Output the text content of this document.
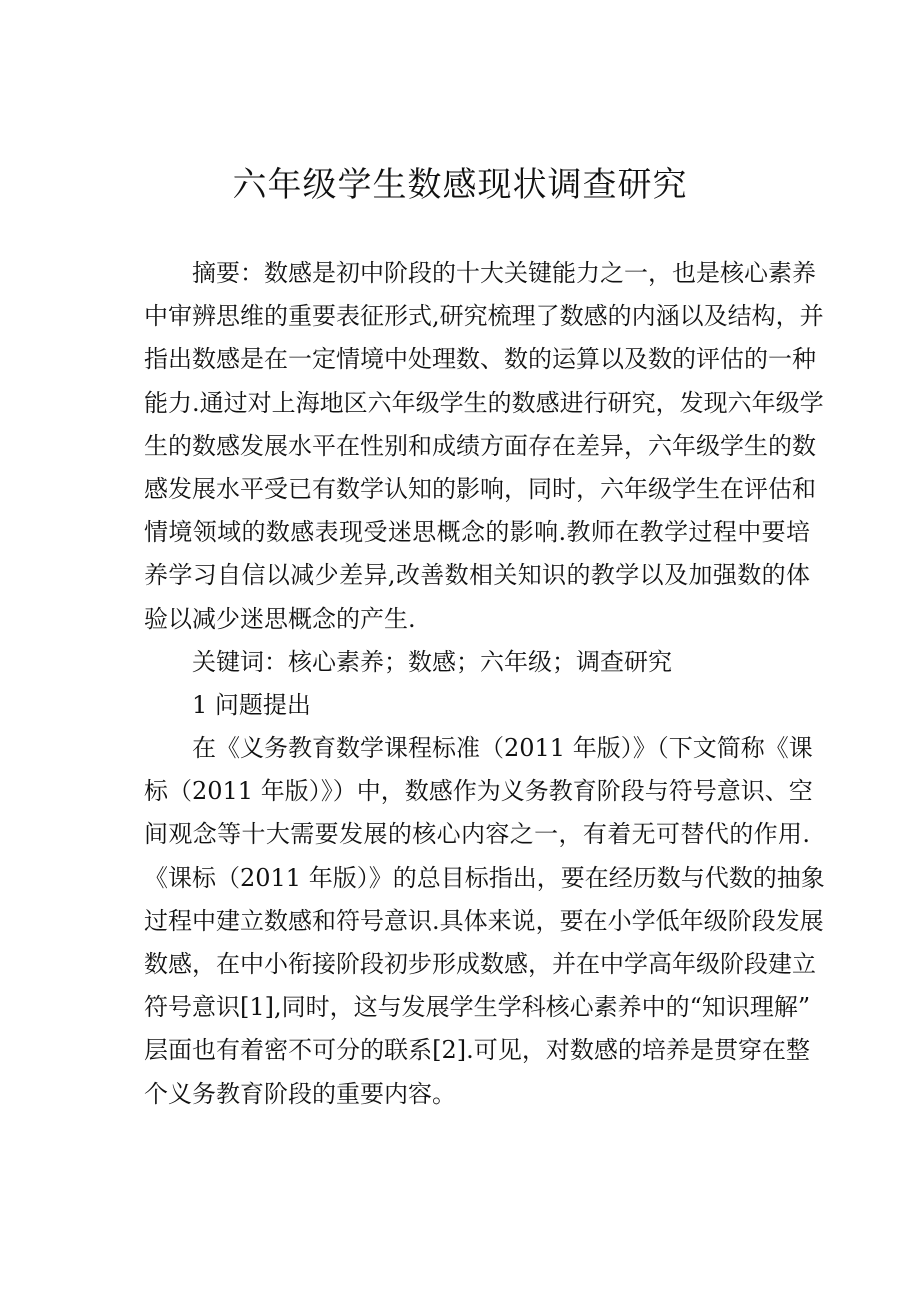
六年级学生数感现状调查研究
摘要：数感是初中阶段的十大关键能力之一，也是核心素养
中审辨思维的重要表征形式,研究梳理了数感的内涵以及结构，并
指出数感是在一定情境中处理数、数的运算以及数的评估的一种
能力.通过对上海地区六年级学生的数感进行研究，发现六年级学
生的数感发展水平在性别和成绩方面存在差异，六年级学生的数
感发展水平受已有数学认知的影响，同时，六年级学生在评估和
情境领域的数感表现受迷思概念的影响.教师在教学过程中要培
养学习自信以减少差异,改善数相关知识的教学以及加强数的体
验以减少迷思概念的产生.
关键词：核心素养；数感；六年级；调查研究
1 问题提出
在《义务教育数学课程标准（2011 年版）》（下文简称《课
标（2011 年版）》）中，数感作为义务教育阶段与符号意识、空
间观念等十大需要发展的核心内容之一，有着无可替代的作用.
《课标（2011 年版）》的总目标指出，要在经历数与代数的抽象
过程中建立数感和符号意识.具体来说，要在小学低年级阶段发展
数感，在中小衔接阶段初步形成数感，并在中学高年级阶段建立
符号意识[1],同时，这与发展学生学科核心素养中的“知识理解”
层面也有着密不可分的联系[2].可见，对数感的培养是贯穿在整
个义务教育阶段的重要内容。
